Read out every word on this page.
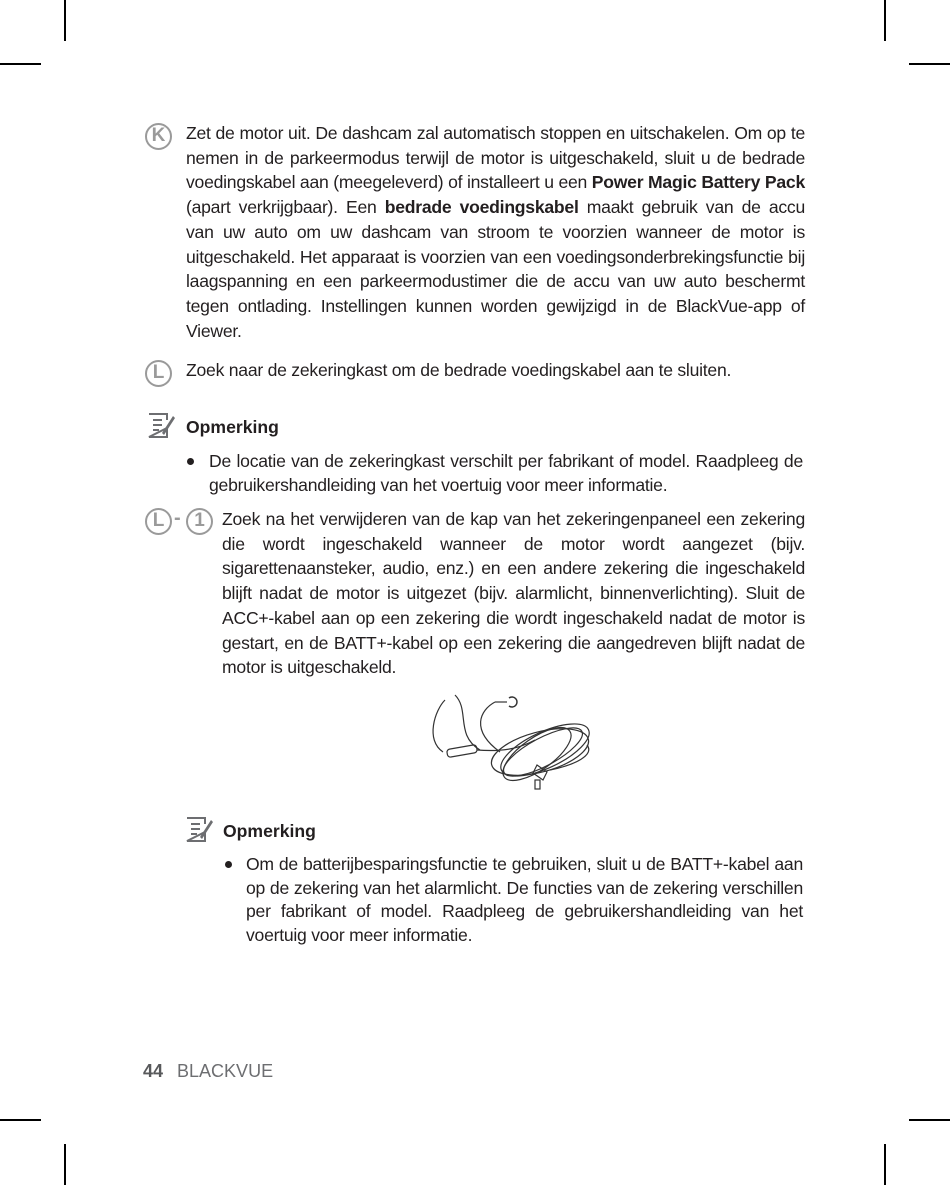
K	Zet de motor uit. De dashcam zal automatisch stoppen en uitschakelen. Om op te nemen in de parkeermodus terwijl de motor is uitgeschakeld, sluit u de bedrade voedingskabel aan (meegeleverd) of installeert u een Power Magic Battery Pack (apart verkrijgbaar). Een bedrade voedingskabel maakt gebruik van de accu van uw auto om uw dashcam van stroom te voorzien wanneer de motor is uitgeschakeld. Het apparaat is voorzien van een voedingsonderbrekingsfunctie bij laagspanning en een parkeermodustimer die de accu van uw auto beschermt tegen ontlading. Instellingen kunnen worden gewijzigd in de BlackVue-app of Viewer.
L	Zoek naar de zekeringkast om de bedrade voedingskabel aan te sluiten.
Opmerking
De locatie van de zekeringkast verschilt per fabrikant of model. Raadpleeg de gebruikershandleiding van het voertuig voor meer informatie.
L - 1 Zoek na het verwijderen van de kap van het zekeringenpaneel een zekering die wordt ingeschakeld wanneer de motor wordt aangezet (bijv. sigarettenaansteker, audio, enz.) en een andere zekering die ingeschakeld blijft nadat de motor is uitgezet (bijv. alarmlicht, binnenverlichting). Sluit de ACC+-kabel aan op een zekering die wordt ingeschakeld nadat de motor is gestart, en de BATT+-kabel op een zekering die aangedreven blijft nadat de motor is uitgeschakeld.
Opmerking
Om de batterijbesparingsfunctie te gebruiken, sluit u de BATT+-kabel aan op de zekering van het alarmlicht. De functies van de zekering verschillen per fabrikant of model. Raadpleeg de gebruikershandleiding van het voertuig voor meer informatie.
44 BLACKVUE
